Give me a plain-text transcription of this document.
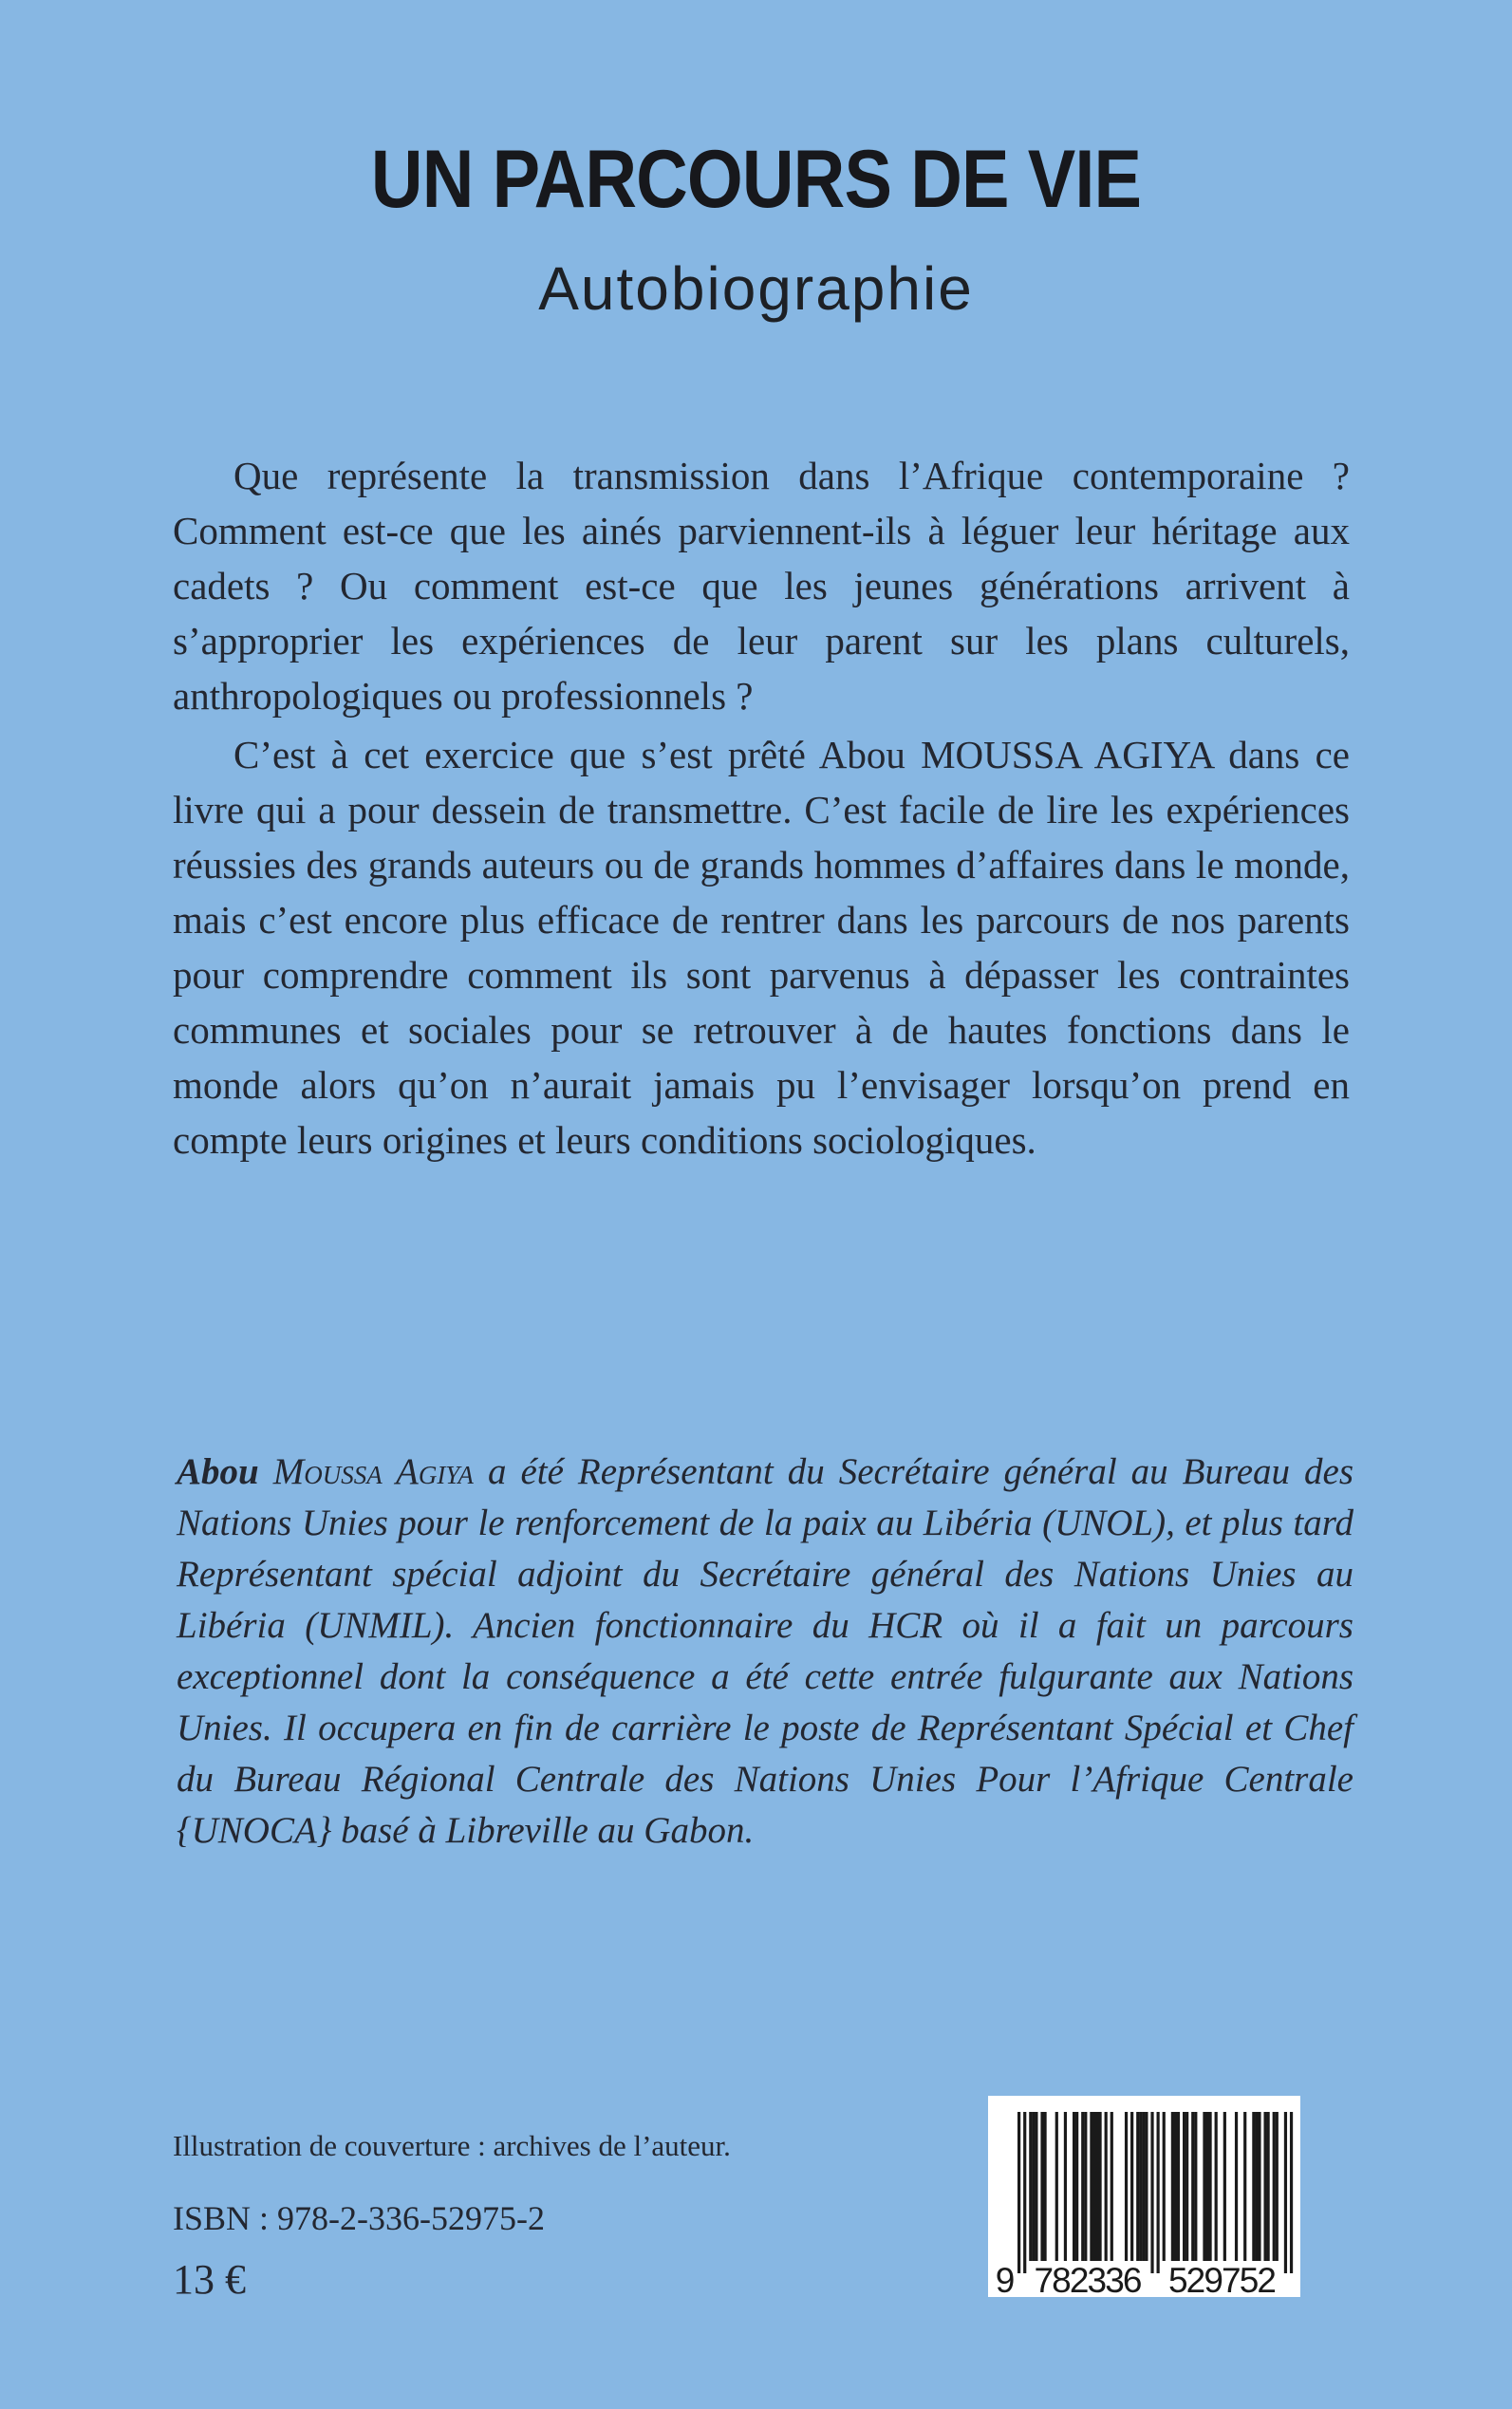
UN PARCOURS DE VIE
Autobiographie

Que représente la transmission dans l’Afrique contemporaine ? Comment est-ce que les ainés parviennent-ils à léguer leur héritage aux cadets ? Ou comment est-ce que les jeunes générations arrivent à s’approprier les expériences de leur parent sur les plans culturels, anthropologiques ou professionnels ?

C’est à cet exercice que s’est prêté Abou MOUSSA AGIYA dans ce livre qui a pour dessein de transmettre. C’est facile de lire les expériences réussies des grands auteurs ou de grands hommes d’affaires dans le monde, mais c’est encore plus efficace de rentrer dans les parcours de nos parents pour comprendre comment ils sont parvenus à dépasser les contraintes communes et sociales pour se retrouver à de hautes fonctions dans le monde alors qu’on n’aurait jamais pu l’envisager lorsqu’on prend en compte leurs origines et leurs conditions sociologiques.

Abou Moussa Agiya a été Représentant du Secrétaire général au Bureau des Nations Unies pour le renforcement de la paix au Libéria (UNOL), et plus tard Représentant spécial adjoint du Secrétaire général des Nations Unies au Libéria (UNMIL). Ancien fonctionnaire du HCR où il a fait un parcours exceptionnel dont la conséquence a été cette entrée fulgurante aux Nations Unies. Il occupera en fin de carrière le poste de Représentant Spécial et Chef du Bureau Régional Centrale des Nations Unies Pour l’Afrique Centrale {UNOCA} basé à Libreville au Gabon.
Illustration de couverture : archives de l’auteur.
ISBN : 978-2-336-52975-2
13 €	9 782336 529752
